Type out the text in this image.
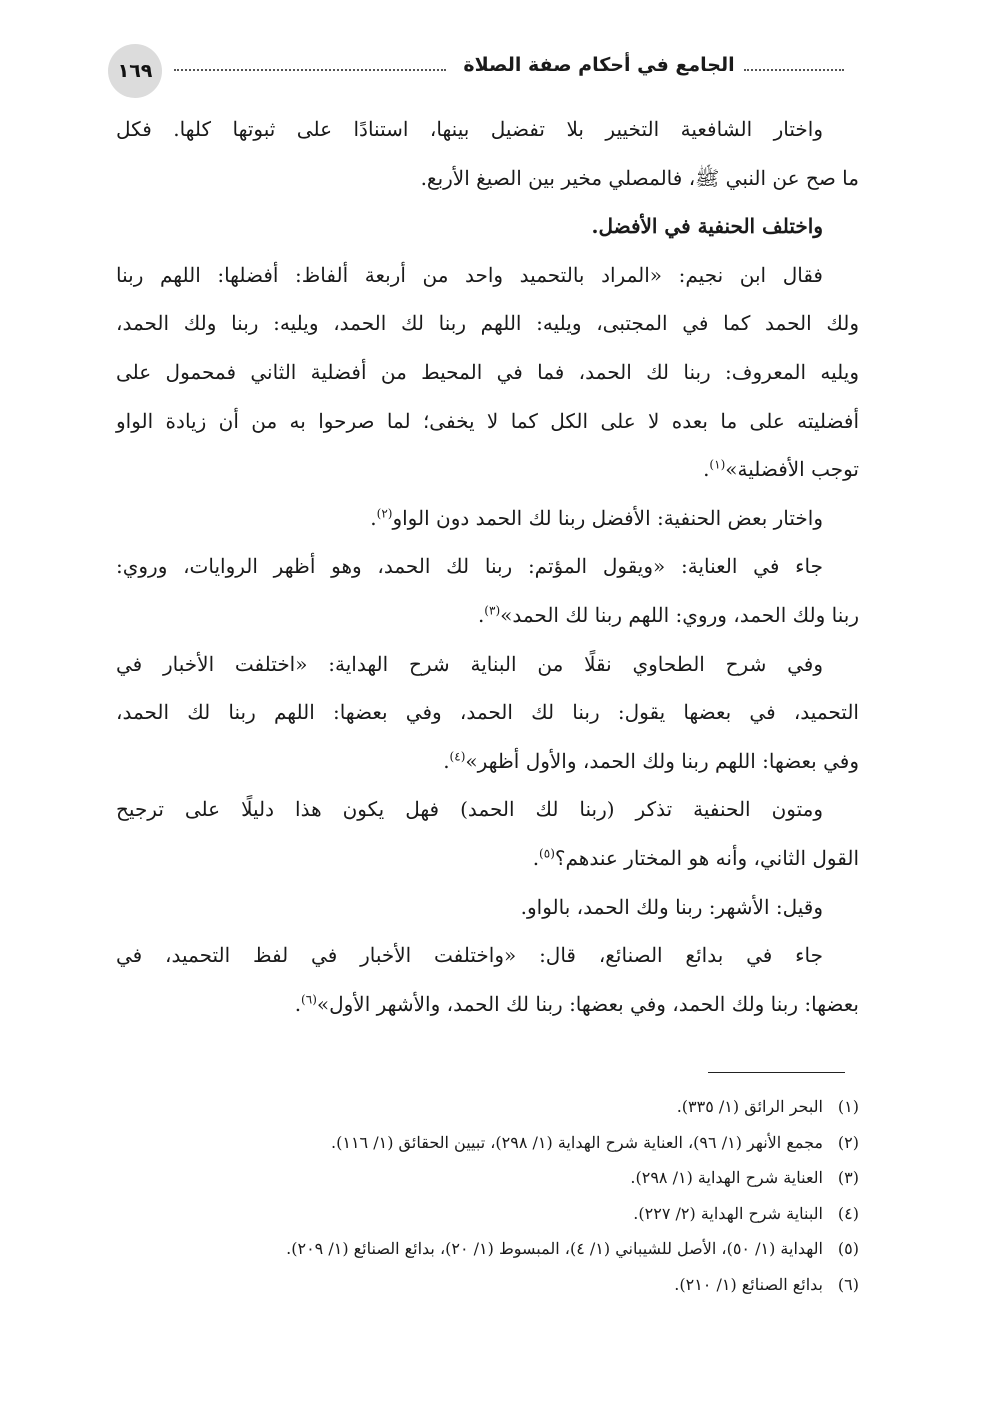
١٦٩	الجامع في أحكام صفة الصلاة
واختار الشافعية التخيير بلا تفضيل بينها، استنادًا على ثبوتها كلها. فكل
ما صح عن النبي ﷺ، فالمصلي مخير بين الصيغ الأربع.
واختلف الحنفية في الأفضل.
فقال ابن نجيم: «المراد بالتحميد واحد من أربعة ألفاظ: أفضلها: اللهم ربنا
ولك الحمد كما في المجتبى، ويليه: اللهم ربنا لك الحمد، ويليه: ربنا ولك الحمد،
ويليه المعروف: ربنا لك الحمد، فما في المحيط من أفضلية الثاني فمحمول على
أفضليته على ما بعده لا على الكل كما لا يخفى؛ لما صرحوا به من أن زيادة الواو
توجب الأفضلية»$^{(١)}$.
واختار بعض الحنفية: الأفضل ربنا لك الحمد دون الواو$^{(٢)}$.
جاء في العناية: «ويقول المؤتم: ربنا لك الحمد، وهو أظهر الروايات، وروي:
ربنا ولك الحمد، وروي: اللهم ربنا لك الحمد»$^{(٣)}$.
وفي شرح الطحاوي نقلًا من البناية شرح الهداية: «اختلفت الأخبار في
التحميد، في بعضها يقول: ربنا لك الحمد، وفي بعضها: اللهم ربنا لك الحمد،
وفي بعضها: اللهم ربنا ولك الحمد، والأول أظهر»$^{(٤)}$.
ومتون الحنفية تذكر (ربنا لك الحمد) فهل يكون هذا دليلًا على ترجيح
القول الثاني، وأنه هو المختار عندهم؟$^{(٥)}$.
وقيل: الأشهر: ربنا ولك الحمد، بالواو.
جاء في بدائع الصنائع، قال: «واختلفت الأخبار في لفظ التحميد، في
بعضها: ربنا ولك الحمد، وفي بعضها: ربنا لك الحمد، والأشهر الأول»$^{(٦)}$.
(١)البحر الرائق (١/ ٣٣٥).
(٢)مجمع الأنهر (١/ ٩٦)، العناية شرح الهداية (١/ ٢٩٨)، تبيين الحقائق (١/ ١١٦).
(٣)العناية شرح الهداية (١/ ٢٩٨).
(٤)البناية شرح الهداية (٢/ ٢٢٧).
(٥)الهداية (١/ ٥٠)، الأصل للشيباني (١/ ٤)، المبسوط (١/ ٢٠)، بدائع الصنائع (١/ ٢٠٩).
(٦)بدائع الصنائع (١/ ٢١٠).
